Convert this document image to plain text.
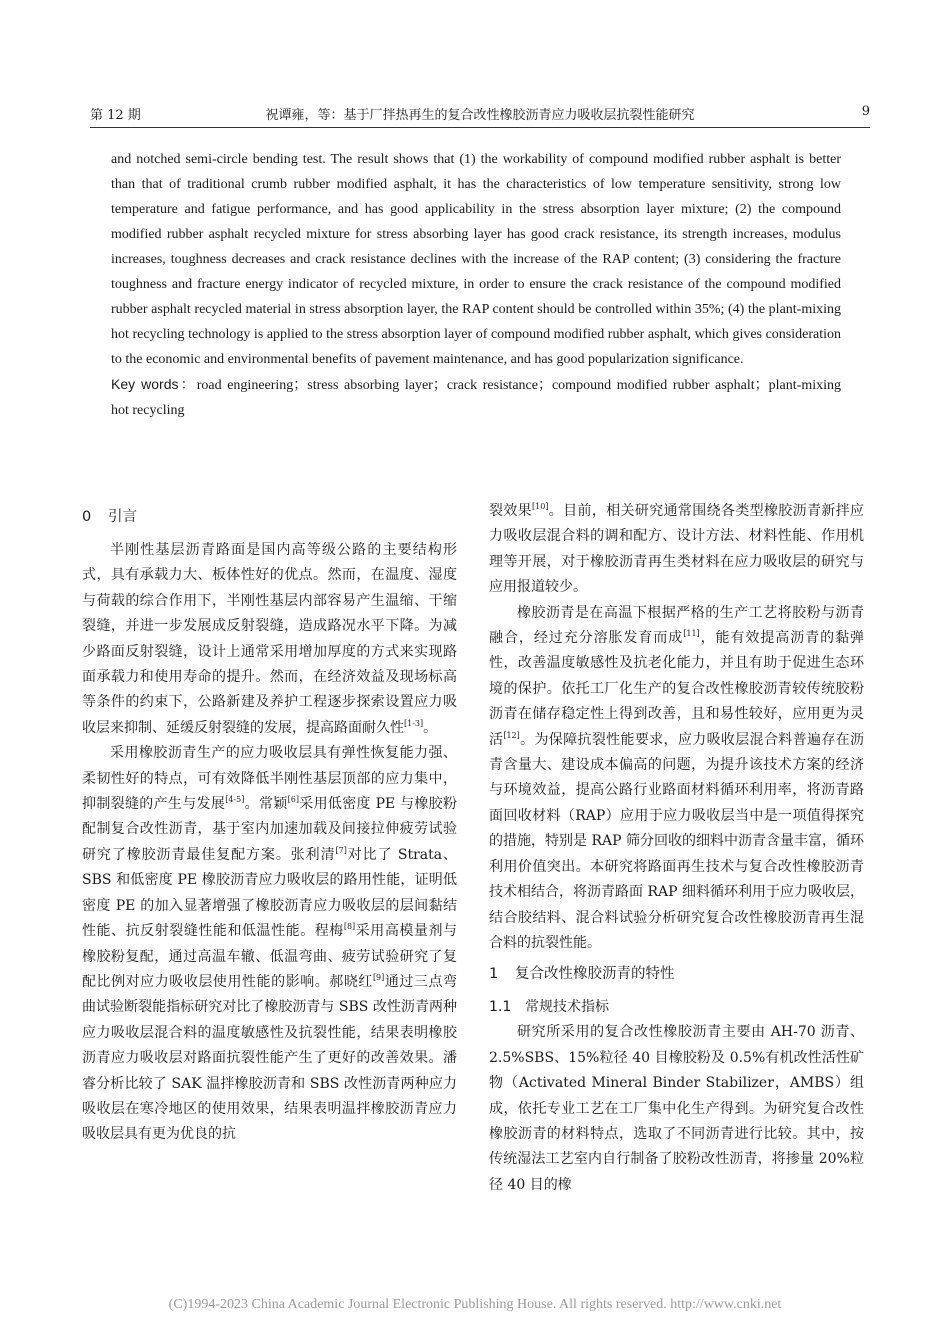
第 12 期	祝谭雍，等：基于厂拌热再生的复合改性橡胶沥青应力吸收层抗裂性能研究	9
and notched semi-circle bending test. The result shows that (1) the workability of compound modified rubber asphalt is better than that of traditional crumb rubber modified asphalt, it has the characteristics of low temperature sensitivity, strong low temperature and fatigue performance, and has good applicability in the stress absorption layer mixture; (2) the compound modified rubber asphalt recycled mixture for stress absorbing layer has good crack resistance, its strength increases, modulus increases, toughness decreases and crack resistance declines with the increase of the RAP content; (3) considering the fracture toughness and fracture energy indicator of recycled mixture, in order to ensure the crack resistance of the compound modified rubber asphalt recycled material in stress absorption layer, the RAP content should be controlled within 35%; (4) the plant-mixing hot recycling technology is applied to the stress absorption layer of compound modified rubber asphalt, which gives consideration to the economic and environmental benefits of pavement maintenance, and has good popularization significance.
Key words：road engineering；stress absorbing layer；crack resistance；compound modified rubber asphalt；plant-mixing hot recycling
0 引言

半刚性基层沥青路面是国内高等级公路的主要结构形式，具有承载力大、板体性好的优点。然而，在温度、湿度与荷载的综合作用下，半刚性基层内部容易产生温缩、干缩裂缝，并进一步发展成反射裂缝，造成路况水平下降。为减少路面反射裂缝，设计上通常采用增加厚度的方式来实现路面承载力和使用寿命的提升。然而，在经济效益及现场标高等条件的约束下，公路新建及养护工程逐步探索设置应力吸收层来抑制、延缓反射裂缝的发展，提高路面耐久性[1-3]。

采用橡胶沥青生产的应力吸收层具有弹性恢复能力强、柔韧性好的特点，可有效降低半刚性基层顶部的应力集中，抑制裂缝的产生与发展[4-5]。常颖[6]采用低密度 PE 与橡胶粉配制复合改性沥青，基于室内加速加载及间接拉伸疲劳试验研究了橡胶沥青最佳复配方案。张利清[7]对比了 Strata、SBS 和低密度 PE 橡胶沥青应力吸收层的路用性能，证明低密度 PE 的加入显著增强了橡胶沥青应力吸收层的层间黏结性能、抗反射裂缝性能和低温性能。程梅[8]采用高模量剂与橡胶粉复配，通过高温车辙、低温弯曲、疲劳试验研究了复配比例对应力吸收层使用性能的影响。郝晓红[9]通过三点弯曲试验断裂能指标研究对比了橡胶沥青与 SBS 改性沥青两种应力吸收层混合料的温度敏感性及抗裂性能，结果表明橡胶沥青应力吸收层对路面抗裂性能产生了更好的改善效果。潘睿分析比较了 SAK 温拌橡胶沥青和 SBS 改性沥青两种应力吸收层在寒冷地区的使用效果，结果表明温拌橡胶沥青应力吸收层具有更为优良的抗

裂效果[10]。目前，相关研究通常围绕各类型橡胶沥青新拌应力吸收层混合料的调和配方、设计方法、材料性能、作用机理等开展，对于橡胶沥青再生类材料在应力吸收层的研究与应用报道较少。

橡胶沥青是在高温下根据严格的生产工艺将胶粉与沥青融合，经过充分溶胀发育而成[11]，能有效提高沥青的黏弹性，改善温度敏感性及抗老化能力，并且有助于促进生态环境的保护。依托工厂化生产的复合改性橡胶沥青较传统胶粉沥青在储存稳定性上得到改善，且和易性较好，应用更为灵活[12]。为保障抗裂性能要求，应力吸收层混合料普遍存在沥青含量大、建设成本偏高的问题，为提升该技术方案的经济与环境效益，提高公路行业路面材料循环利用率，将沥青路面回收材料（RAP）应用于应力吸收层当中是一项值得探究的措施，特别是 RAP 筛分回收的细料中沥青含量丰富，循环利用价值突出。本研究将路面再生技术与复合改性橡胶沥青技术相结合，将沥青路面 RAP 细料循环利用于应力吸收层，结合胶结料、混合料试验分析研究复合改性橡胶沥青再生混合料的抗裂性能。

1 复合改性橡胶沥青的特性
1.1 常规技术指标

研究所采用的复合改性橡胶沥青主要由 AH-70 沥青、2.5%SBS、15%粒径 40 目橡胶粉及 0.5%有机改性活性矿物（Activated Mineral Binder Stabilizer，AMBS）组成，依托专业工艺在工厂集中化生产得到。为研究复合改性橡胶沥青的材料特点，选取了不同沥青进行比较。其中，按传统湿法工艺室内自行制备了胶粉改性沥青，将掺量 20%粒径 40 目的橡

(C)1994-2023 China Academic Journal Electronic Publishing House. All rights reserved. http://www.cnki.net
